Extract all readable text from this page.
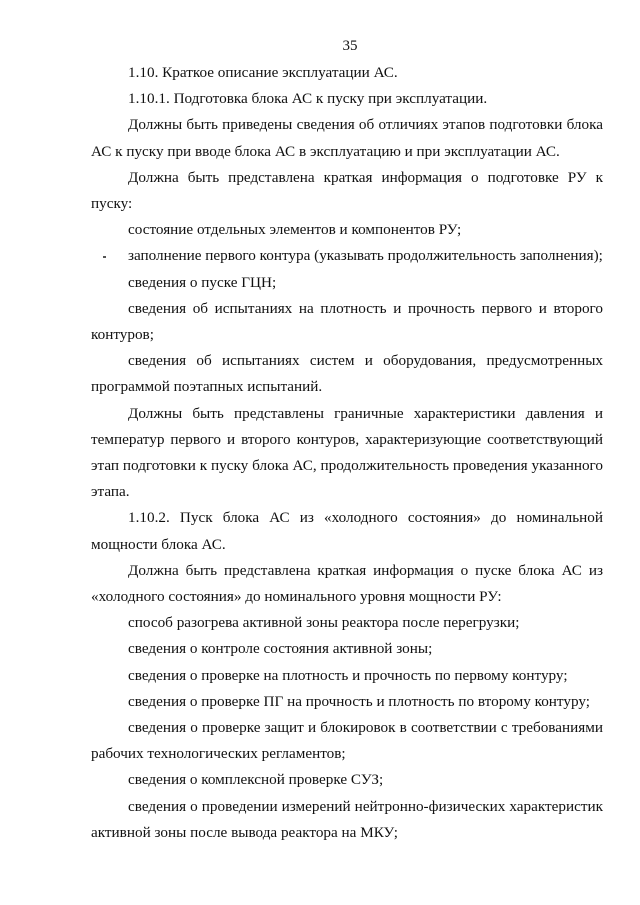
35

1.10. Краткое описание эксплуатации АС.

1.10.1. Подготовка блока АС к пуску при эксплуатации.

Должны быть приведены сведения об отличиях этапов подготовки блока АС к пуску при вводе блока АС в эксплуатацию и при эксплуатации АС.

Должна быть представлена краткая информация о подготовке РУ к пуску:

состояние отдельных элементов и компонентов РУ;

заполнение первого контура (указывать продолжительность заполнения);

сведения о пуске ГЦН;

сведения об испытаниях на плотность и прочность первого и второго контуров;

сведения об испытаниях систем и оборудования, предусмотренных программой поэтапных испытаний.

Должны быть представлены граничные характеристики давления и температур первого и второго контуров, характеризующие соответствующий этап подготовки к пуску блока АС, продолжительность проведения указанного этапа.

1.10.2. Пуск блока АС из «холодного состояния» до номинальной мощности блока АС.

Должна быть представлена краткая информация о пуске блока АС из «холодного состояния» до номинального уровня мощности РУ:

способ разогрева активной зоны реактора после перегрузки;

сведения о контроле состояния активной зоны;

сведения о проверке на плотность и прочность по первому контуру;

сведения о проверке ПГ на прочность и плотность по второму контуру;

сведения о проверке защит и блокировок в соответствии с требованиями рабочих технологических регламентов;

сведения о комплексной проверке СУЗ;

сведения о проведении измерений нейтронно-физических характеристик активной зоны после вывода реактора на МКУ;
